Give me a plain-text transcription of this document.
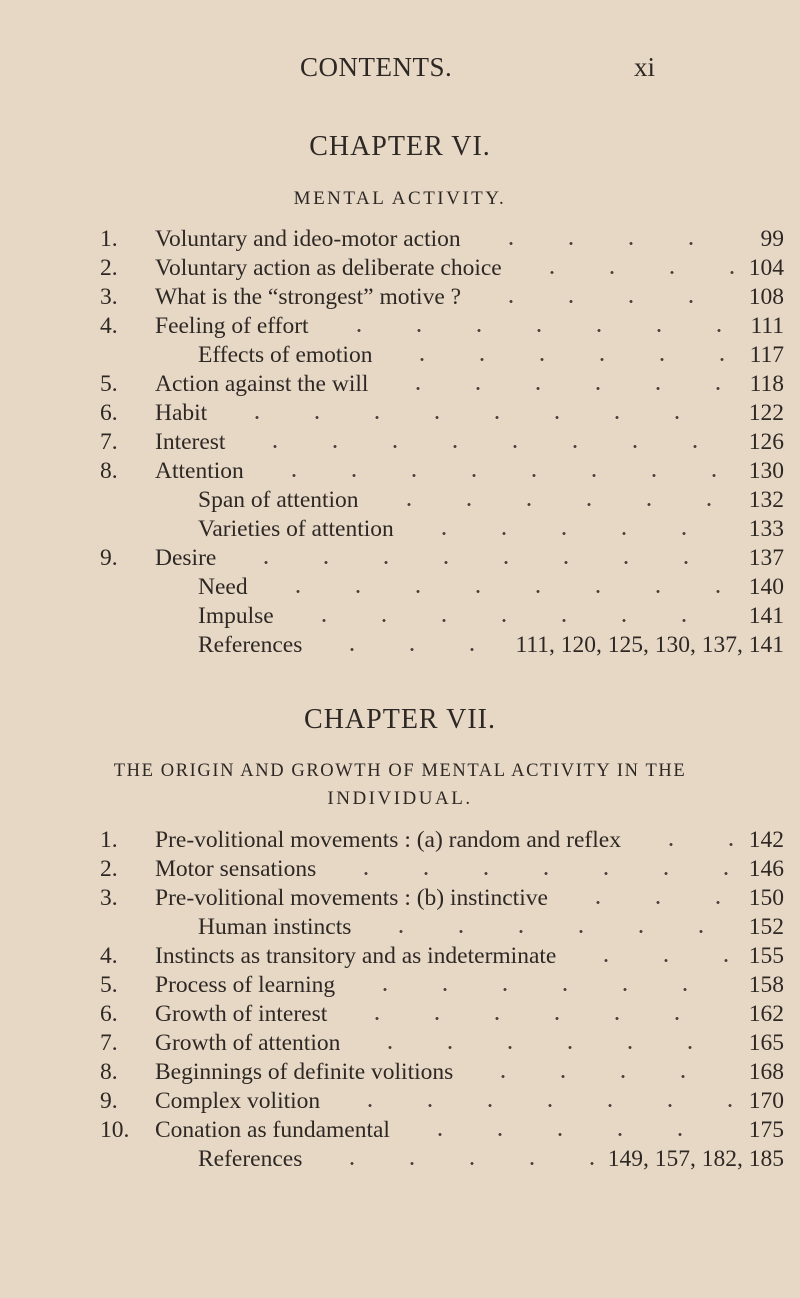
CONTENTS.	xi
CHAPTER VI.
MENTAL ACTIVITY.
1.	Voluntary and ideo-motor action	99
2.	Voluntary action as deliberate choice	104
3.	What is the “strongest” motive ?	108
4.	Feeling of effort	111
Effects of emotion	117
5.	Action against the will	118
6.	Habit	122
7.	Interest	126
8.	Attention	130
Span of attention	132
Varieties of attention	133
9.	Desire	137
Need	140
Impulse	141
References	111, 120, 125, 130, 137, 141
CHAPTER VII.
THE ORIGIN AND GROWTH OF MENTAL ACTIVITY IN THE
INDIVIDUAL.
1.	Pre-volitional movements : (a) random and reflex	142
2.	Motor sensations	146
3.	Pre-volitional movements : (b) instinctive	150
Human instincts	152
4.	Instincts as transitory and as indeterminate	155
5.	Process of learning	158
6.	Growth of interest	162
7.	Growth of attention	165
8.	Beginnings of definite volitions	168
9.	Complex volition	170
10.	Conation as fundamental	175
References	149, 157, 182, 185
